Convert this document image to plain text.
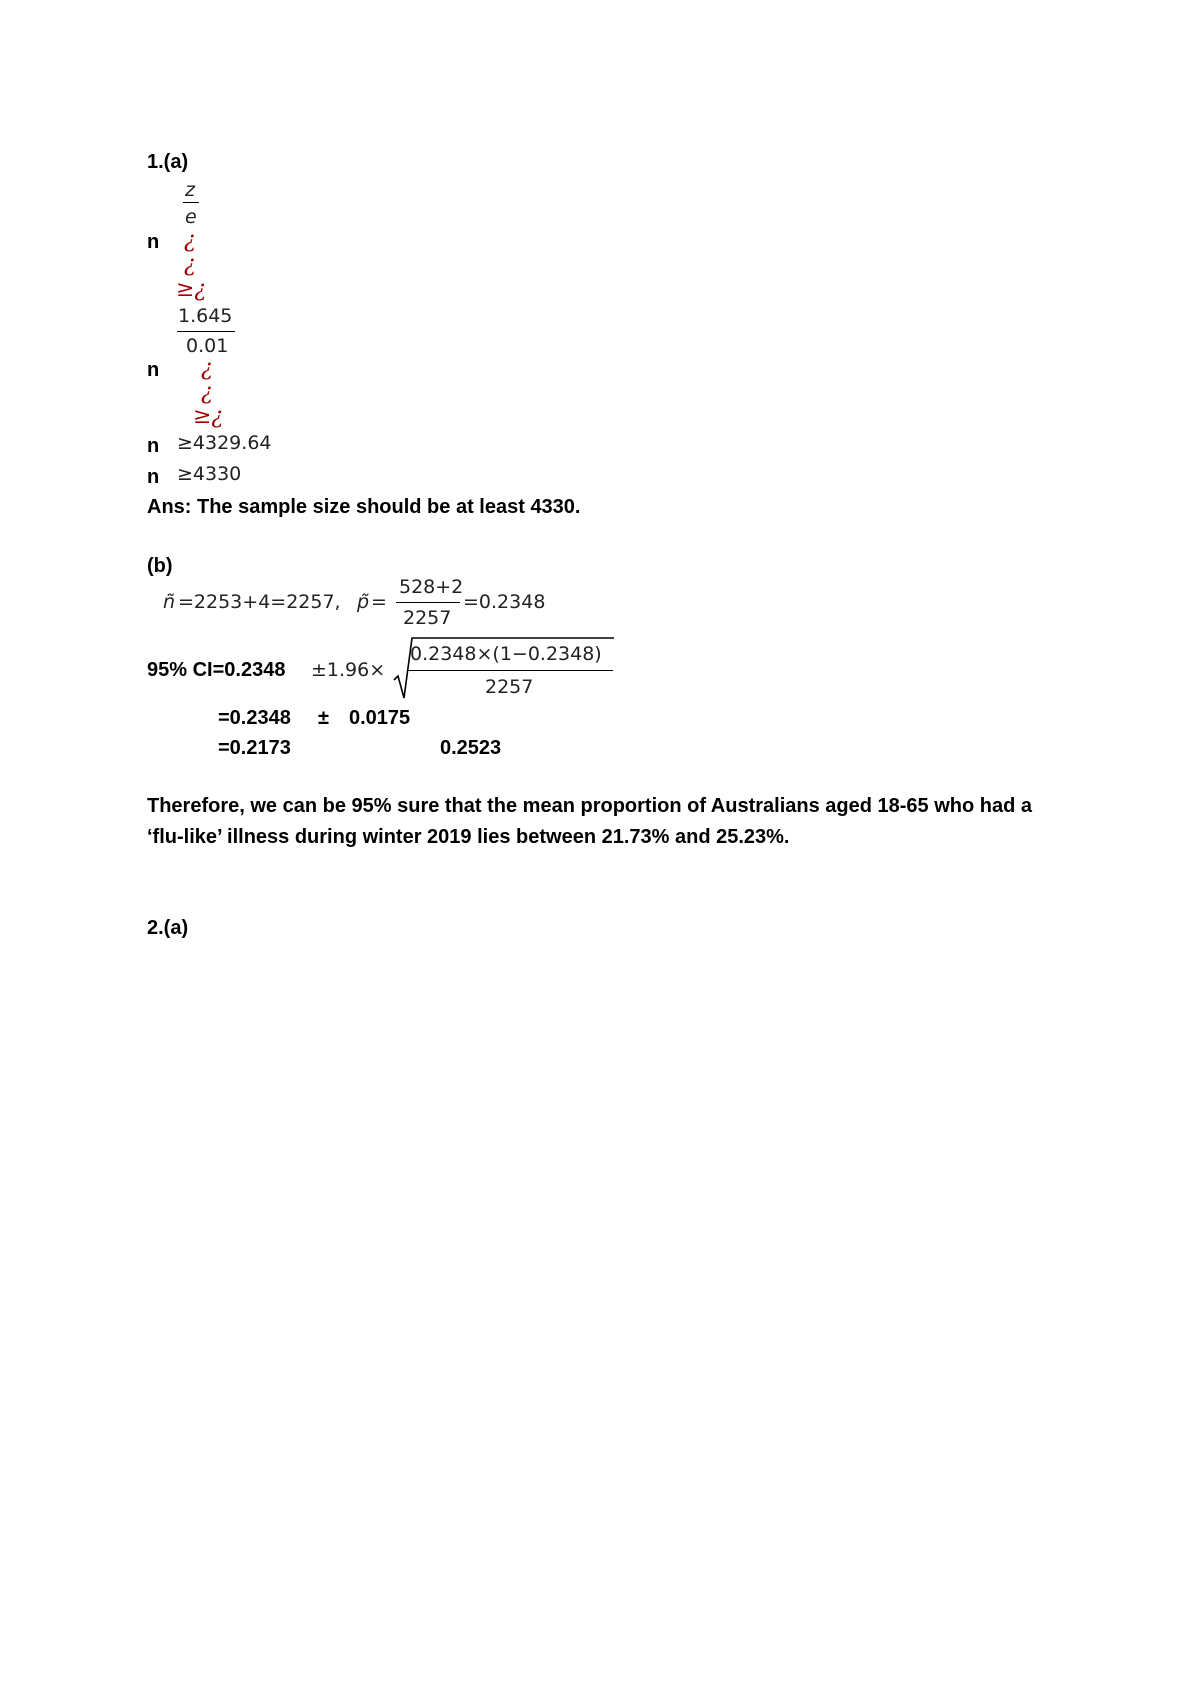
1.(a)
z
e
n ¿
¿
≥¿
1.645
0.01
n ¿
¿
≥¿
n ≥4329.64
n ≥4330
Ans: The sample size should be at least 4330.
(b)
ñ =2253+4=2257, p̃ =
528+2
2257
=0.2348
95% CI=0.2348 ±1.96×
0.2348×(1−0.2348)
2257
=0.2348 ± 0.0175
=0.2173	0.2523
Therefore, we can be 95% sure that the mean proportion of Australians aged 18-65 who had a ‘flu-like’ illness during winter 2019 lies between 21.73% and 25.23%.
2.(a)
